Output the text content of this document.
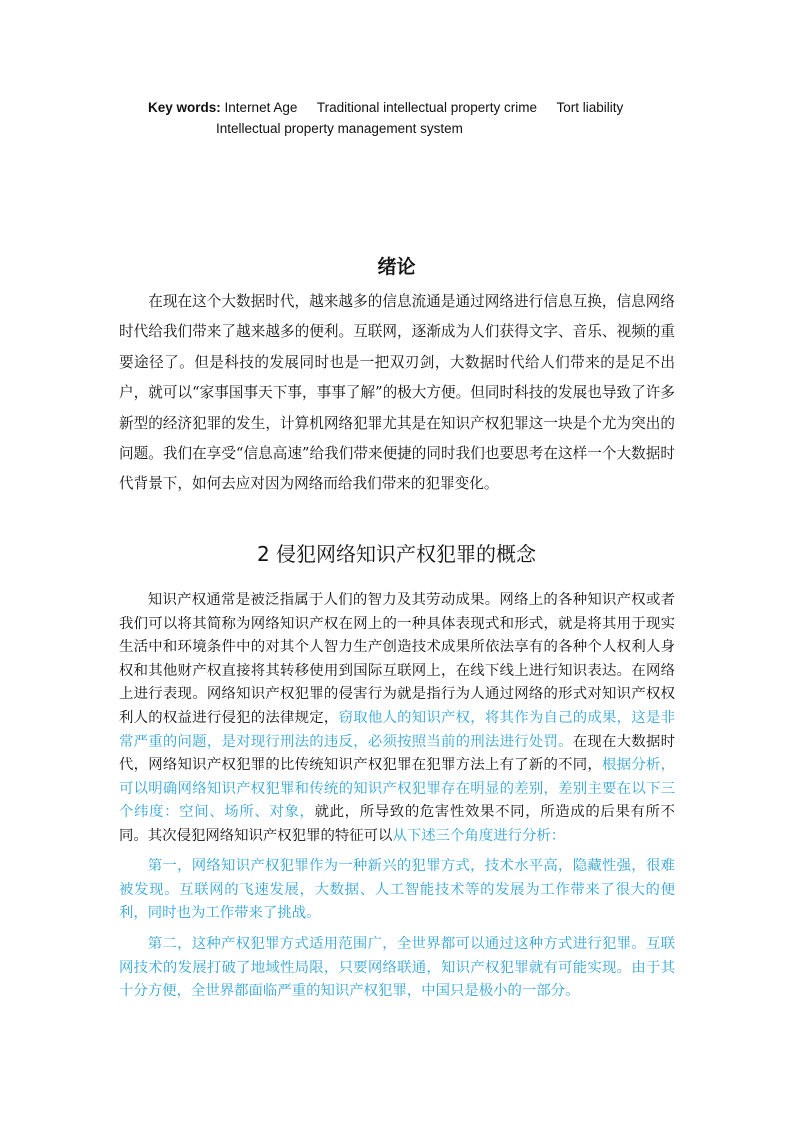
Key words: Internet Age Traditional intellectual property crime Tort liability
Intellectual property management system
绪论

在现在这个大数据时代，越来越多的信息流通是通过网络进行信息互换，信息网络时代给我们带来了越来越多的便利。互联网，逐渐成为人们获得文字、音乐、视频的重要途径了。但是科技的发展同时也是一把双刃剑，大数据时代给人们带来的是足不出户，就可以“家事国事天下事，事事了解”的极大方便。但同时科技的发展也导致了许多新型的经济犯罪的发生，计算机网络犯罪尤其是在知识产权犯罪这一块是个尤为突出的问题。我们在享受“信息高速”给我们带来便捷的同时我们也要思考在这样一个大数据时代背景下，如何去应对因为网络而给我们带来的犯罪变化。

2 侵犯网络知识产权犯罪的概念

知识产权通常是被泛指属于人们的智力及其劳动成果。网络上的各种知识产权或者我们可以将其简称为网络知识产权在网上的一种具体表现式和形式，就是将其用于现实生活中和环境条件中的对其个人智力生产创造技术成果所依法享有的各种个人权利人身权和其他财产权直接将其转移使用到国际互联网上，在线下线上进行知识表达。在网络上进行表现。网络知识产权犯罪的侵害行为就是指行为人通过网络的形式对知识产权权利人的权益进行侵犯的法律规定，窃取他人的知识产权，将其作为自己的成果，这是非常严重的问题，是对现行刑法的违反，必须按照当前的刑法进行处罚。在现在大数据时代，网络知识产权犯罪的比传统知识产权犯罪在犯罪方法上有了新的不同，根据分析，可以明确网络知识产权犯罪和传统的知识产权犯罪存在明显的差别，差别主要在以下三个纬度：空间、场所、对象，就此，所导致的危害性效果不同，所造成的后果有所不同。其次侵犯网络知识产权犯罪的特征可以从下述三个角度进行分析：

第一，网络知识产权犯罪作为一种新兴的犯罪方式，技术水平高，隐藏性强，很难被发现。互联网的飞速发展，大数据、人工智能技术等的发展为工作带来了很大的便利，同时也为工作带来了挑战。

第二，这种产权犯罪方式适用范围广，全世界都可以通过这种方式进行犯罪。互联网技术的发展打破了地域性局限，只要网络联通，知识产权犯罪就有可能实现。由于其十分方便，全世界都面临严重的知识产权犯罪，中国只是极小的一部分。
